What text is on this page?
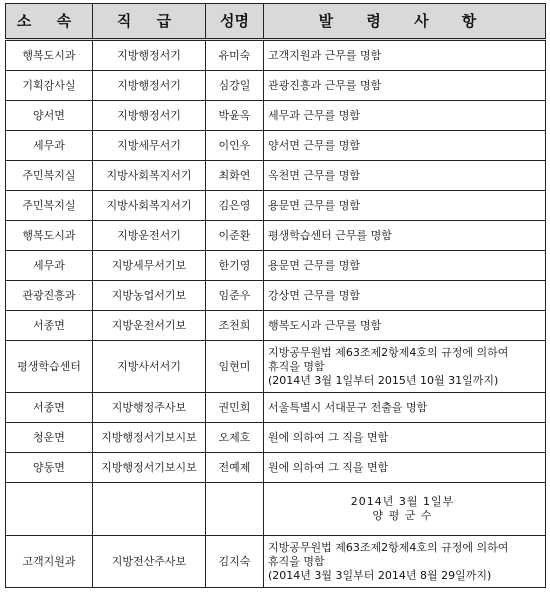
소 속	직 급	성명	발 령 사 항
행복도시과	지방행정서기	유미숙	고객지원과 근무를 명함

기획감사실	지방행정서기	심강일	관광진흥과 근무를 명함

양서면	지방행정서기	박윤옥	세무과 근무를 명함

세무과	지방세무서기	이인우	양서면 근무를 명함

주민복지실	지방사회복지서기	최화연	옥천면 근무를 명함

주민복지실	지방사회복지서기	김은영	용문면 근무를 명함

행복도시과	지방운전서기	이준환	평생학습센터 근무를 명함

세무과	지방세무서기보	한기영	용문면 근무를 명함

관광진흥과	지방농업서기보	임준우	강상면 근무를 명함

서종면	지방운전서기보	조천희	행복도시과 근무를 명함

평생학습센터	지방사서서기	임현미	지방공무원법 제63조제2항제4호의 규정에 의하여
휴직을 명함
(2014년 3월 1일부터 2015년 10월 31일까지)

서종면	지방행정주사보	권민희	서울특별시 서대문구 전출을 명함

청운면	지방행정서기보시보	오제호	원에 의하여 그 직을 면함

양동면	지방행정서기보시보	전예제	원에 의하여 그 직을 면함

			2014년 3월 1일부
양 평 군 수

고객지원과	지방전산주사보	김지숙	지방공무원법 제63조제2항제4호의 규정에 의하여
휴직을 명함
(2014년 3월 3일부터 2014년 8월 29일까지)
